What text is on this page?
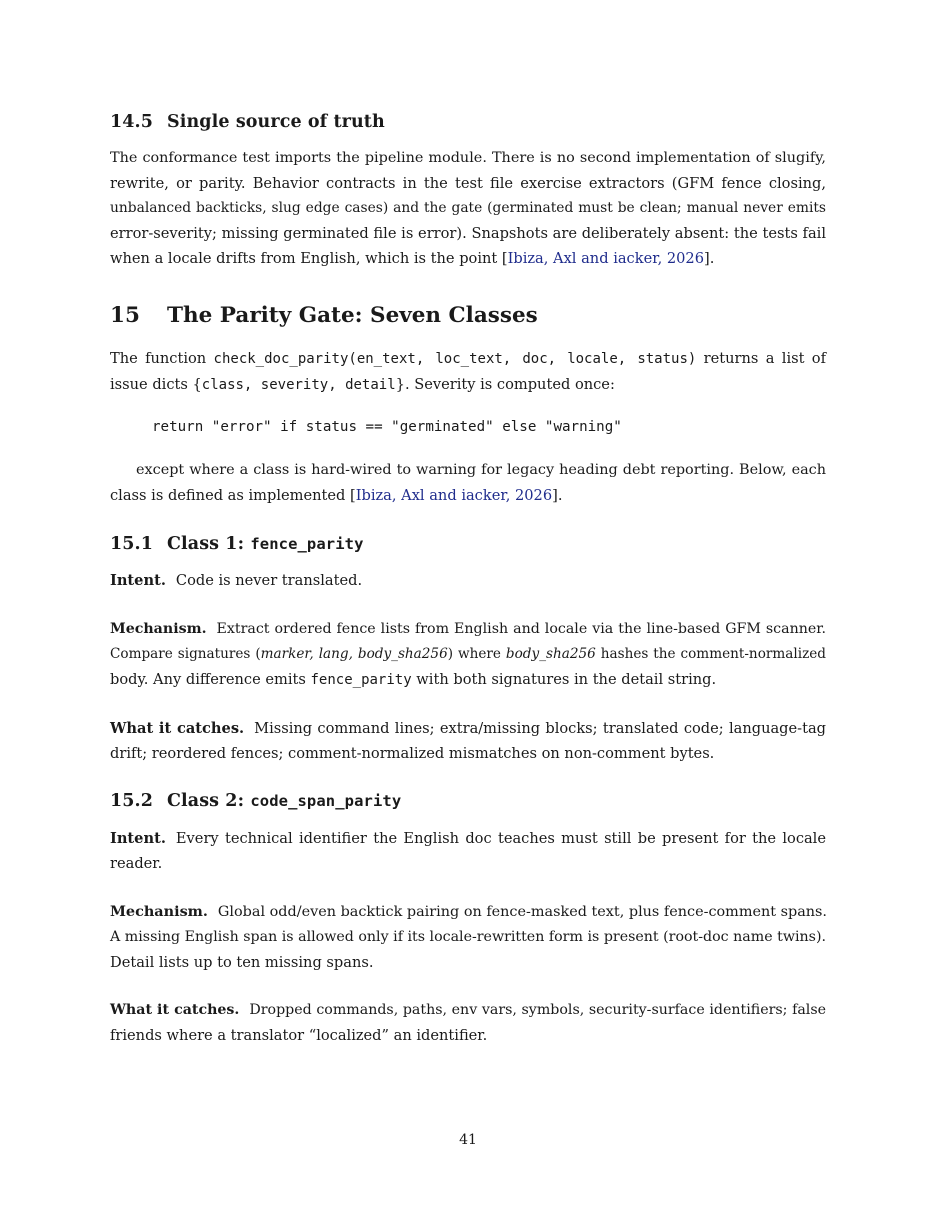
14.5 Single source of truth
The conformance test imports the pipeline module. There is no second implementation of slugify,
rewrite, or parity. Behavior contracts in the test file exercise extractors (GFM fence closing,
unbalanced backticks, slug edge cases) and the gate (germinated must be clean; manual never emits
error-severity; missing germinated file is error). Snapshots are deliberately absent: the tests fail
when a locale drifts from English, which is the point [Ibiza, Axl and iacker, 2026].
15 The Parity Gate: Seven Classes
The function check_doc_parity(en_text, loc_text, doc, locale, status) returns a list of
issue dicts {class, severity, detail}. Severity is computed once:
return "error" if status == "germinated" else "warning"
except where a class is hard-wired to warning for legacy heading debt reporting. Below, each
class is defined as implemented [Ibiza, Axl and iacker, 2026].
15.1 Class 1: fence_parity
Intent. Code is never translated.
Mechanism. Extract ordered fence lists from English and locale via the line-based GFM scanner.
Compare signatures (marker, lang, body_sha256) where body_sha256 hashes the comment-normalized
body. Any difference emits fence_parity with both signatures in the detail string.
What it catches. Missing command lines; extra/missing blocks; translated code; language-tag
drift; reordered fences; comment-normalized mismatches on non-comment bytes.
15.2 Class 2: code_span_parity
Intent. Every technical identifier the English doc teaches must still be present for the locale
reader.
Mechanism. Global odd/even backtick pairing on fence-masked text, plus fence-comment spans.
A missing English span is allowed only if its locale-rewritten form is present (root-doc name twins).
Detail lists up to ten missing spans.
What it catches. Dropped commands, paths, env vars, symbols, security-surface identifiers; false
friends where a translator “localized” an identifier.
41
